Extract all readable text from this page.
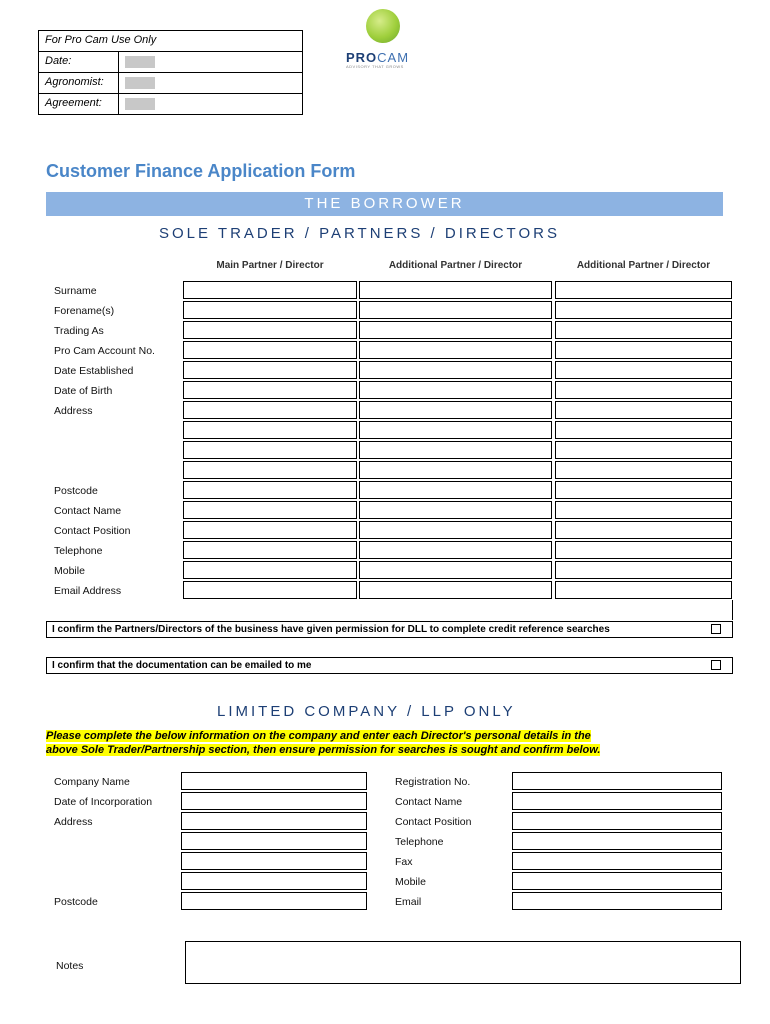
For Pro Cam Use Only
Date:
Agronomist:
Agreement:
PROCAM
ADVISORY THAT GROWS
Customer Finance Application Form
THE BORROWER
SOLE TRADER / PARTNERS / DIRECTORS
Main Partner / Director	Additional Partner / Director	Additional Partner / Director
Surname
Forename(s)
Trading As
Pro Cam Account No.
Date Established
Date of Birth
Address
Postcode
Contact Name
Contact Position
Telephone
Mobile
Email Address
I confirm the Partners/Directors of the business have given permission for DLL to complete credit reference searches
I confirm that the documentation can be emailed to me
LIMITED COMPANY / LLP ONLY
Please complete the below information on the company and enter each Director's personal details in the
above Sole Trader/Partnership section, then ensure permission for searches is sought and confirm below.
Company Name
Date of Incorporation
Address
Postcode
Registration No.
Contact Name
Contact Position
Telephone
Fax
Mobile
Email
Notes
